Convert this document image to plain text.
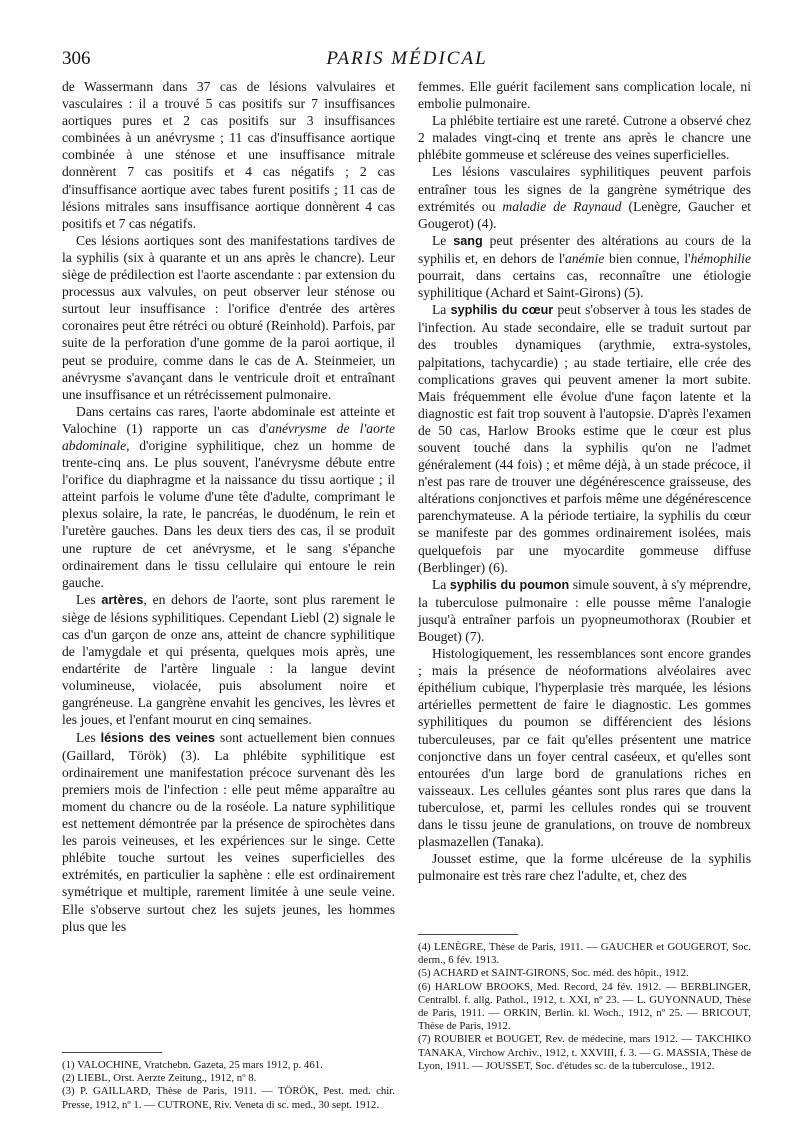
306	PARIS MÉDICAL

de Wassermann dans 37 cas de lésions valvulaires et vasculaires : il a trouvé 5 cas positifs sur 7 insuffisances aortiques pures et 2 cas positifs sur 3 insuffisances combinées à un anévrysme ; 11 cas d'insuffisance aortique combinée à une sténose et une insuffisance mitrale donnèrent 7 cas positifs et 4 cas négatifs ; 2 cas d'insuffisance aortique avec tabes furent positifs ; 11 cas de lésions mitrales sans insuffisance aortique donnèrent 4 cas positifs et 7 cas négatifs.

Ces lésions aortiques sont des manifestations tardives de la syphilis (six à quarante et un ans après le chancre). Leur siège de prédilection est l'aorte ascendante : par extension du processus aux valvules, on peut observer leur sténose ou surtout leur insuffisance : l'orifice d'entrée des artères coronaires peut être rétréci ou obturé (Reinhold). Parfois, par suite de la perforation d'une gomme de la paroi aortique, il peut se produire, comme dans le cas de A. Steinmeier, un anévrysme s'avançant dans le ventricule droit et entraînant une insuffisance et un rétrécissement pulmonaire.

Dans certains cas rares, l'aorte abdominale est atteinte et Valochine (1) rapporte un cas d'anévrysme de l'aorte abdominale, d'origine syphilitique, chez un homme de trente-cinq ans. Le plus souvent, l'anévrysme débute entre l'orifice du diaphragme et la naissance du tissu aortique ; il atteint parfois le volume d'une tête d'adulte, comprimant le plexus solaire, la rate, le pancréas, le duodénum, le rein et l'uretère gauches. Dans les deux tiers des cas, il se produit une rupture de cet anévrysme, et le sang s'épanche ordinairement dans le tissu cellulaire qui entoure le rein gauche.

Les artères, en dehors de l'aorte, sont plus rarement le siège de lésions syphilitiques. Cependant Liebl (2) signale le cas d'un garçon de onze ans, atteint de chancre syphilitique de l'amygdale et qui présenta, quelques mois après, une endartérite de l'artère linguale : la langue devint volumineuse, violacée, puis absolument noire et gangréneuse. La gangrène envahit les gencives, les lèvres et les joues, et l'enfant mourut en cinq semaines.

Les lésions des veines sont actuellement bien connues (Gaillard, Török) (3). La phlébite syphilitique est ordinairement une manifestation précoce survenant dès les premiers mois de l'infection : elle peut même apparaître au moment du chancre ou de la roséole. La nature syphilitique est nettement démontrée par la présence de spirochètes dans les parois veineuses, et les expériences sur le singe. Cette phlébite touche surtout les veines superficielles des extrémités, en particulier la saphène : elle est ordinairement symétrique et multiple, rarement limitée à une seule veine. Elle s'observe surtout chez les sujets jeunes, les hommes plus que les

femmes. Elle guérit facilement sans complication locale, ni embolie pulmonaire.

La phlébite tertiaire est une rareté. Cutrone a observé chez 2 malades vingt-cinq et trente ans après le chancre une phlébite gommeuse et scléreuse des veines superficielles.

Les lésions vasculaires syphilitiques peuvent parfois entraîner tous les signes de la gangrène symétrique des extrémités ou maladie de Raynaud (Lenègre, Gaucher et Gougerot) (4).

Le sang peut présenter des altérations au cours de la syphilis et, en dehors de l'anémie bien connue, l'hémophilie pourrait, dans certains cas, reconnaître une étiologie syphilitique (Achard et Saint-Girons) (5).

La syphilis du cœur peut s'observer à tous les stades de l'infection. Au stade secondaire, elle se traduit surtout par des troubles dynamiques (arythmie, extra-systoles, palpitations, tachycardie) ; au stade tertiaire, elle crée des complications graves qui peuvent amener la mort subite. Mais fréquemment elle évolue d'une façon latente et la diagnostic est fait trop souvent à l'autopsie. D'après l'examen de 50 cas, Harlow Brooks estime que le cœur est plus souvent touché dans la syphilis qu'on ne l'admet généralement (44 fois) ; et même déjà, à un stade précoce, il n'est pas rare de trouver une dégénérescence graisseuse, des altérations conjonctives et parfois même une dégénérescence parenchymateuse. A la période tertiaire, la syphilis du cœur se manifeste par des gommes ordinairement isolées, mais quelquefois par une myocardite gommeuse diffuse (Berblinger) (6).

La syphilis du poumon simule souvent, à s'y méprendre, la tuberculose pulmonaire : elle pousse même l'analogie jusqu'à entraîner parfois un pyopneumothorax (Roubier et Bouget) (7).

Histologiquement, les ressemblances sont encore grandes ; mais la présence de néoformations alvéolaires avec épithélium cubique, l'hyperplasie très marquée, les lésions artérielles permettent de faire le diagnostic. Les gommes syphilitiques du poumon se différencient des lésions tuberculeuses, par ce fait qu'elles présentent une matrice conjonctive dans un foyer central caséeux, et qu'elles sont entourées d'un large bord de granulations riches en vaisseaux. Les cellules géantes sont plus rares que dans la tuberculose, et, parmi les cellules rondes qui se trouvent dans le tissu jeune de granulations, on trouve de nombreux plasmazellen (Tanaka).

Jousset estime, que la forme ulcéreuse de la syphilis pulmonaire est très rare chez l'adulte, et, chez des

(1) VALOCHINE, Vratchebn. Gazeta, 25 mars 1912, p. 461.

(2) LIEBL, Orst. Aerzte Zeitung., 1912, nº 8.

(3) P. GAILLARD, Thèse de Paris, 1911. — TÖRÖK, Pest. med. chir. Presse, 1912, nº 1. — CUTRONE, Riv. Veneta di sc. med., 30 sept. 1912.

(4) LENÈGRE, Thèse de Paris, 1911. — GAUCHER et GOUGEROT, Soc. derm., 6 fév. 1913.

(5) ACHARD et SAINT-GIRONS, Soc. méd. des hôpit., 1912.

(6) HARLOW BROOKS, Med. Record, 24 fév. 1912. — BERBLINGER, Centralbl. f. allg. Pathol., 1912, t. XXI, nº 23. — L. GUYONNAUD, Thèse de Paris, 1911. — ORKIN, Berlin. kl. Woch., 1912, nº 25. — BRICOUT, Thèse de Paris, 1912.

(7) ROUBIER et BOUGET, Rev. de médecine, mars 1912. — TAKCHIKO TANAKA, Virchow Archiv., 1912, t. XXVIII, f. 3. — G. MASSIA, Thèse de Lyon, 1911. — JOUSSET, Soc. d'études sc. de la tuberculose., 1912.
